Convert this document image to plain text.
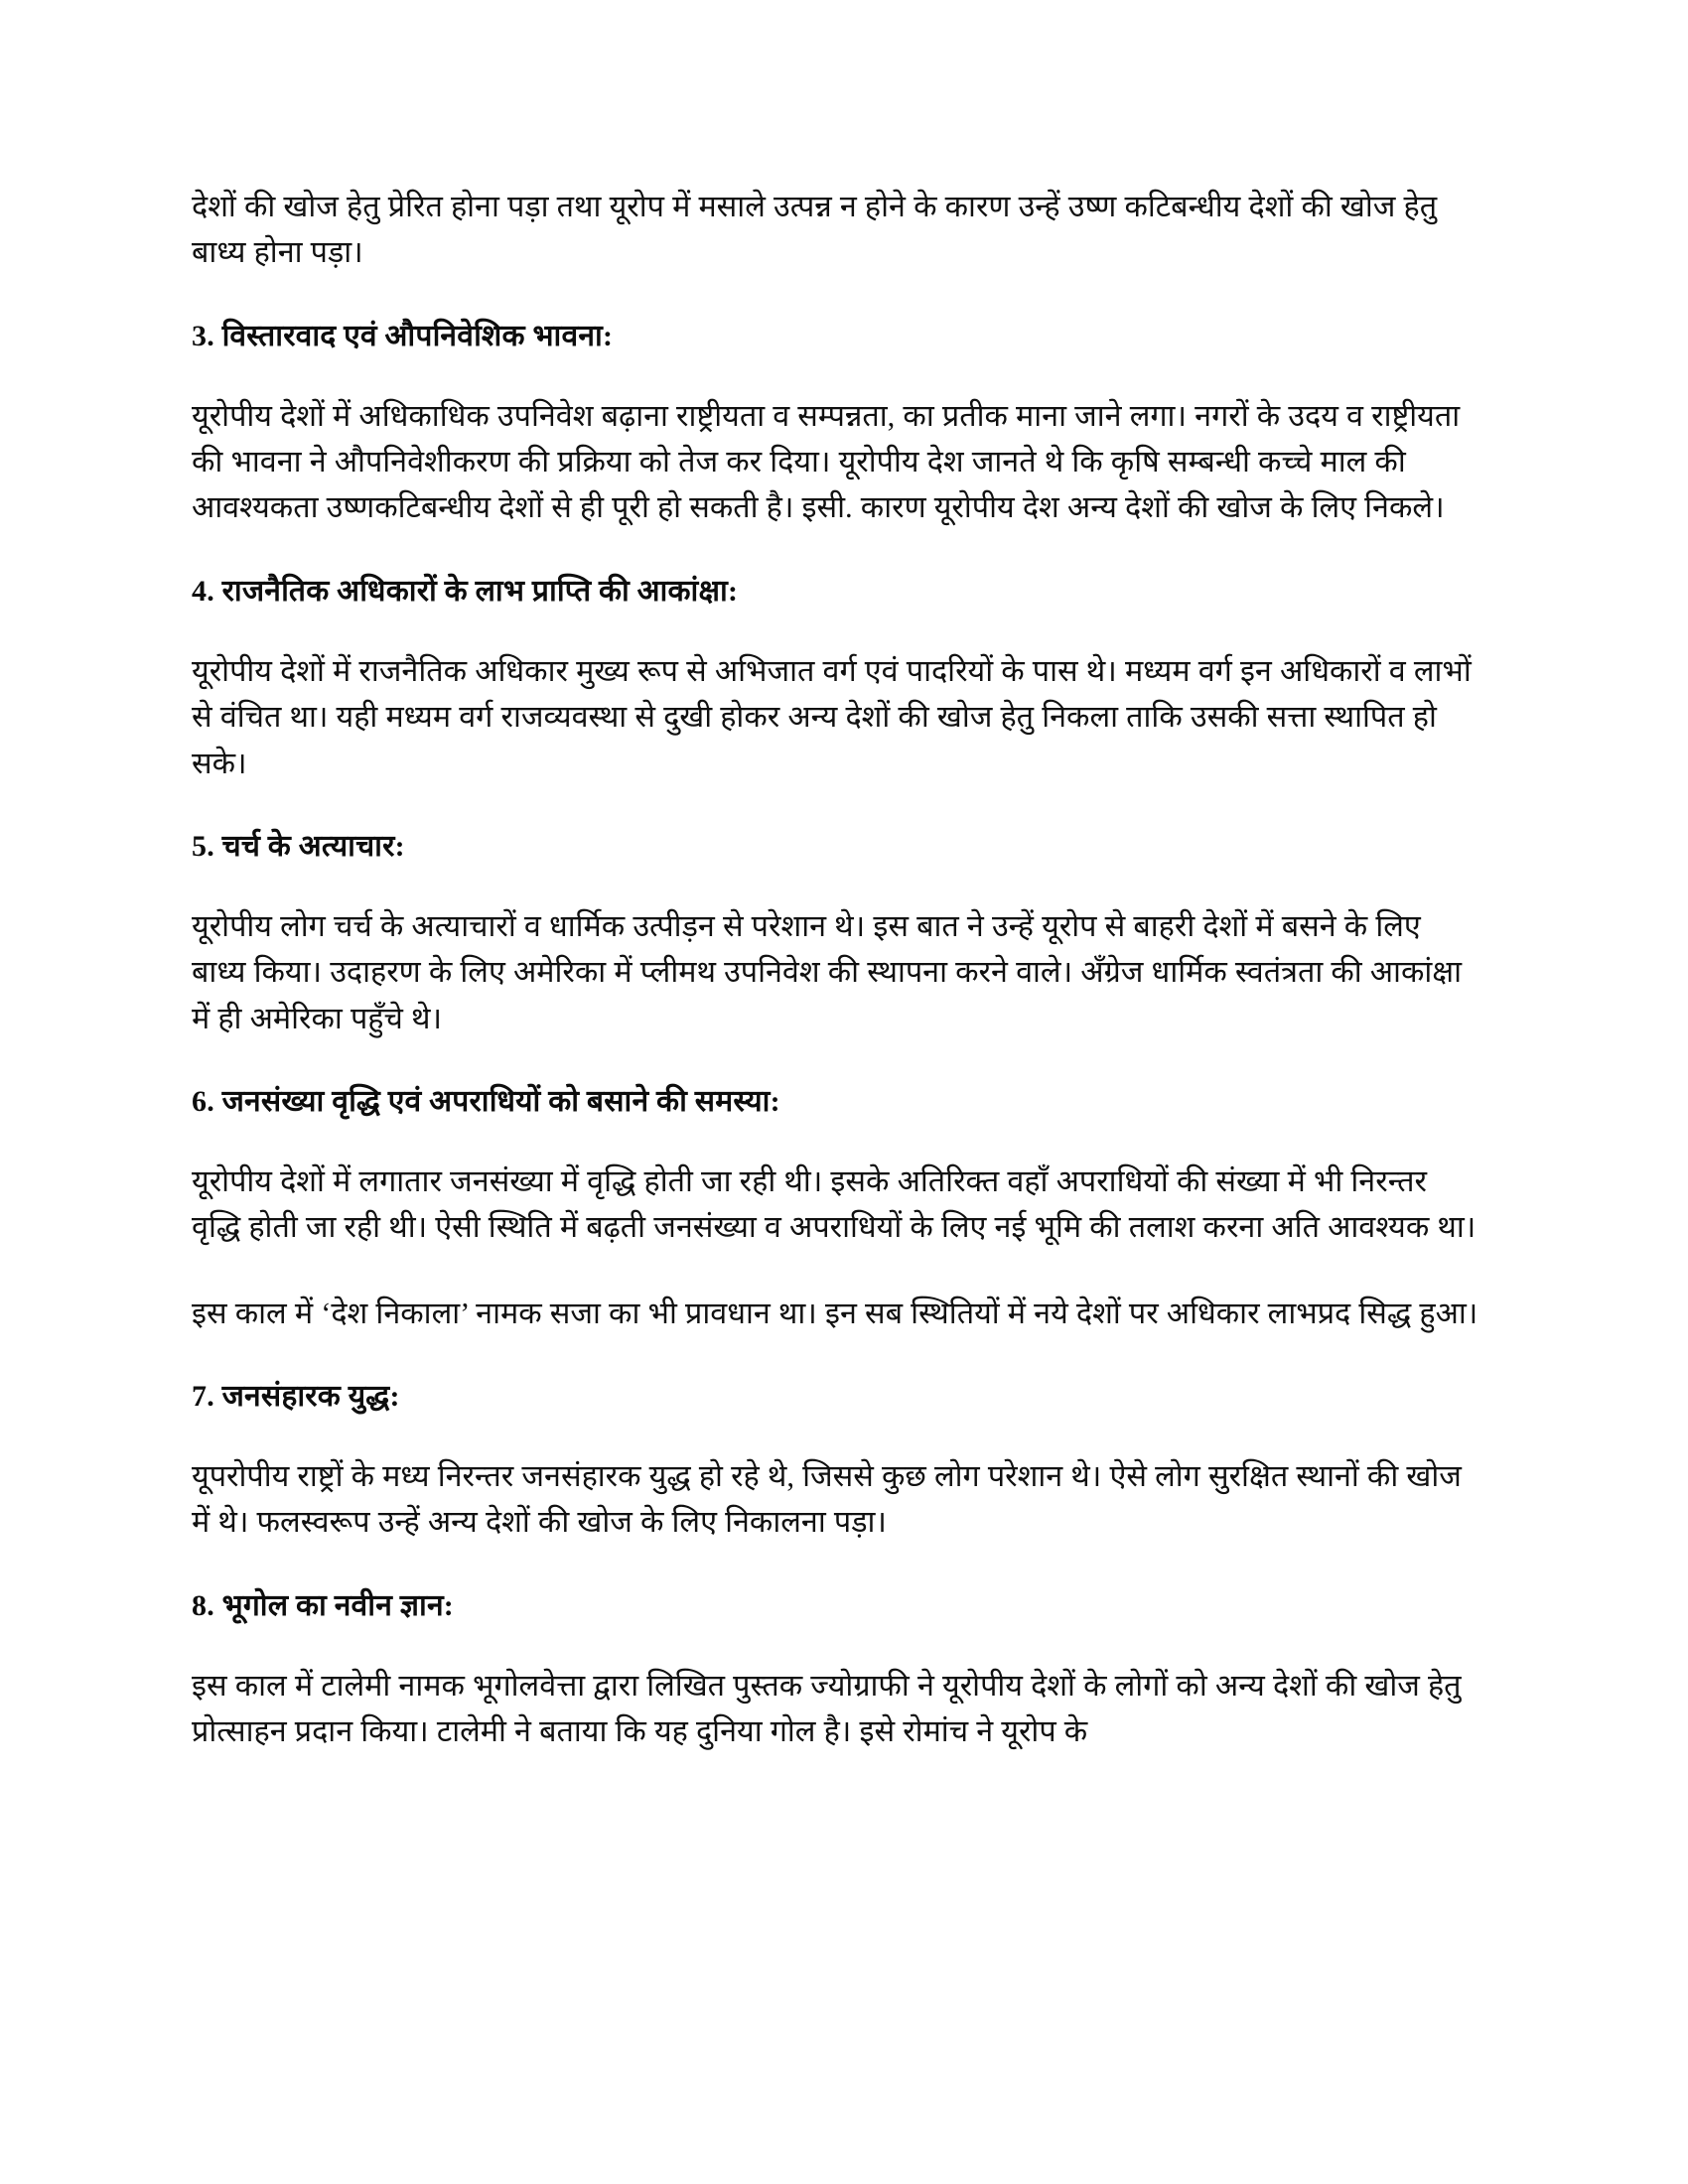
देशों की खोज हेतु प्रेरित होना पड़ा तथा यूरोप में मसाले उत्पन्न न होने के कारण उन्हें उष्ण कटिबन्धीय देशों की खोज हेतु बाध्य होना पड़ा।

3. विस्तारवाद एवं औपनिवेशिक भावना:

यूरोपीय देशों में अधिकाधिक उपनिवेश बढ़ाना राष्ट्रीयता व सम्पन्नता, का प्रतीक माना जाने लगा। नगरों के उदय व राष्ट्रीयता की भावना ने औपनिवेशीकरण की प्रक्रिया को तेज कर दिया। यूरोपीय देश जानते थे कि कृषि सम्बन्धी कच्चे माल की आवश्यकता उष्णकटिबन्धीय देशों से ही पूरी हो सकती है। इसी. कारण यूरोपीय देश अन्य देशों की खोज के लिए निकले।

4. राजनैतिक अधिकारों के लाभ प्राप्ति की आकांक्षा:

यूरोपीय देशों में राजनैतिक अधिकार मुख्य रूप से अभिजात वर्ग एवं पादरियों के पास थे। मध्यम वर्ग इन अधिकारों व लाभों से वंचित था। यही मध्यम वर्ग राजव्यवस्था से दुखी होकर अन्य देशों की खोज हेतु निकला ताकि उसकी सत्ता स्थापित हो सके।

5. चर्च के अत्याचार:

यूरोपीय लोग चर्च के अत्याचारों व धार्मिक उत्पीड़न से परेशान थे। इस बात ने उन्हें यूरोप से बाहरी देशों में बसने के लिए बाध्य किया। उदाहरण के लिए अमेरिका में प्लीमथ उपनिवेश की स्थापना करने वाले। अँग्रेज धार्मिक स्वतंत्रता की आकांक्षा में ही अमेरिका पहुँचे थे।

6. जनसंख्या वृद्धि एवं अपराधियों को बसाने की समस्या:

यूरोपीय देशों में लगातार जनसंख्या में वृद्धि होती जा रही थी। इसके अतिरिक्त वहाँ अपराधियों की संख्या में भी निरन्तर वृद्धि होती जा रही थी। ऐसी स्थिति में बढ़ती जनसंख्या व अपराधियों के लिए नई भूमि की तलाश करना अति आवश्यक था।

इस काल में ‘देश निकाला’ नामक सजा का भी प्रावधान था। इन सब स्थितियों में नये देशों पर अधिकार लाभप्रद सिद्ध हुआ।

7. जनसंहारक युद्ध:

यूपरोपीय राष्ट्रों के मध्य निरन्तर जनसंहारक युद्ध हो रहे थे, जिससे कुछ लोग परेशान थे। ऐसे लोग सुरक्षित स्थानों की खोज में थे। फलस्वरूप उन्हें अन्य देशों की खोज के लिए निकालना पड़ा।

8. भूगोल का नवीन ज्ञान:

इस काल में टालेमी नामक भूगोलवेत्ता द्वारा लिखित पुस्तक ज्योग्राफी ने यूरोपीय देशों के लोगों को अन्य देशों की खोज हेतु प्रोत्साहन प्रदान किया। टालेमी ने बताया कि यह दुनिया गोल है। इसे रोमांच ने यूरोप के
